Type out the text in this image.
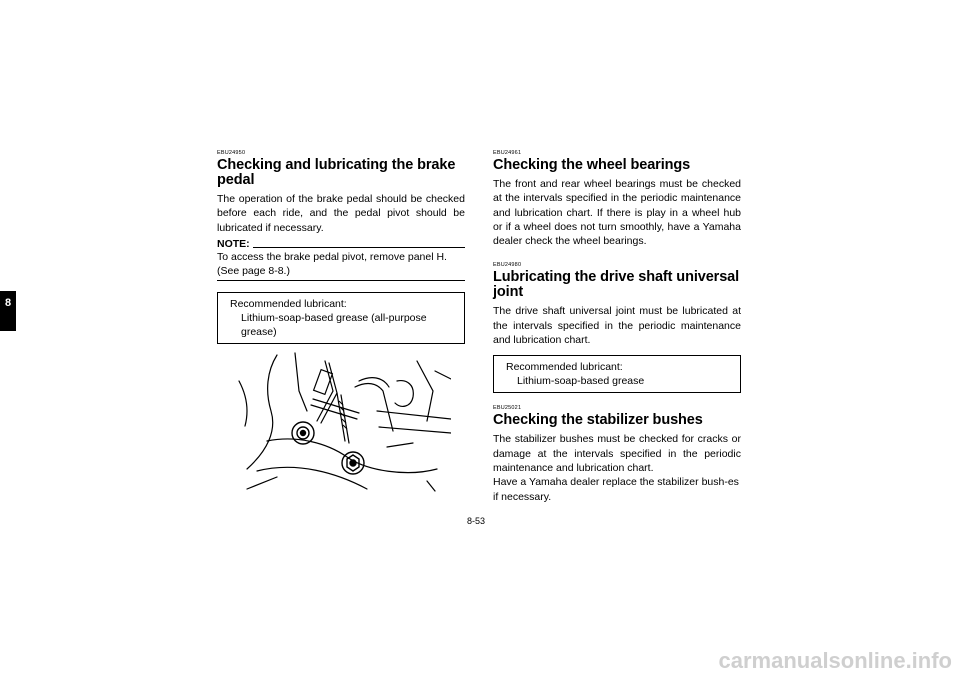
8
EBU24950
Checking and lubricating the brake pedal

The operation of the brake pedal should be checked before each ride, and the pedal pivot should be lubricated if necessary.

NOTE:

To access the brake pedal pivot, remove panel H. (See page 8-8.)

Recommended lubricant:
Lithium-soap-based grease (all-purpose grease)
EBU24961
Checking the wheel bearings

The front and rear wheel bearings must be checked at the intervals specified in the periodic maintenance and lubrication chart. If there is play in a wheel hub or if a wheel does not turn smoothly, have a Yamaha dealer check the wheel bearings.

EBU24980
Lubricating the drive shaft universal joint

The drive shaft universal joint must be lubricated at the intervals specified in the periodic maintenance and lubrication chart.

Recommended lubricant:
Lithium-soap-based grease
EBU25021
Checking the stabilizer bushes

The stabilizer bushes must be checked for cracks or damage at the intervals specified in the periodic maintenance and lubrication chart.

Have a Yamaha dealer replace the stabilizer bush-es if necessary.

8-53
carmanualsonline.info
